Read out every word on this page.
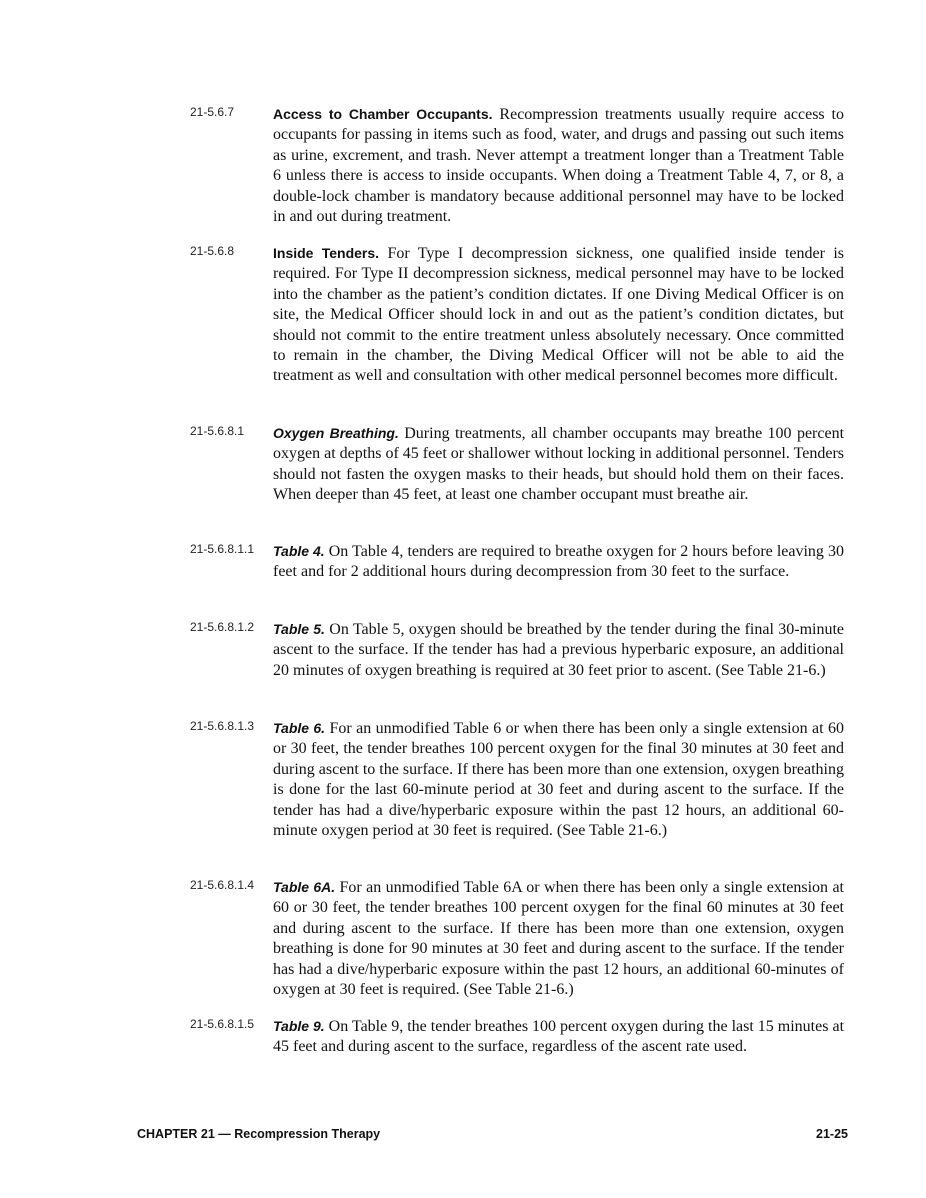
21-5.6.7	Access to Chamber Occupants. Recompression treatments usually require access to occupants for passing in items such as food, water, and drugs and passing out such items as urine, excrement, and trash. Never attempt a treatment longer than a Treatment Table 6 unless there is access to inside occupants. When doing a Treatment Table 4, 7, or 8, a double-lock chamber is mandatory because additional personnel may have to be locked in and out during treatment.
21-5.6.8	Inside Tenders. For Type I decompression sickness, one qualified inside tender is required. For Type II decompression sickness, medical personnel may have to be locked into the chamber as the patient’s condition dictates. If one Diving Medical Officer is on site, the Medical Officer should lock in and out as the patient’s condition dictates, but should not commit to the entire treatment unless absolutely necessary. Once committed to remain in the chamber, the Diving Medical Officer will not be able to aid the treatment as well and consultation with other medical personnel becomes more difficult.
21-5.6.8.1 Oxygen Breathing. During treatments, all chamber occupants may breathe 100 percent oxygen at depths of 45 feet or shallower without locking in additional personnel. Tenders should not fasten the oxygen masks to their heads, but should hold them on their faces. When deeper than 45 feet, at least one chamber occupant must breathe air.
21-5.6.8.1.1 Table 4. On Table 4, tenders are required to breathe oxygen for 2 hours before leaving 30 feet and for 2 additional hours during decompression from 30 feet to the surface.
21-5.6.8.1.2 Table 5. On Table 5, oxygen should be breathed by the tender during the final 30-minute ascent to the surface. If the tender has had a previous hyperbaric exposure, an additional 20 minutes of oxygen breathing is required at 30 feet prior to ascent. (See Table 21-6.)
21-5.6.8.1.3 Table 6. For an unmodified Table 6 or when there has been only a single extension at 60 or 30 feet, the tender breathes 100 percent oxygen for the final 30 minutes at 30 feet and during ascent to the surface. If there has been more than one extension, oxygen breathing is done for the last 60-minute period at 30 feet and during ascent to the surface. If the tender has had a dive/hyperbaric exposure within the past 12 hours, an additional 60-minute oxygen period at 30 feet is required. (See Table 21-6.)
21-5.6.8.1.4 Table 6A. For an unmodified Table 6A or when there has been only a single extension at 60 or 30 feet, the tender breathes 100 percent oxygen for the final 60 minutes at 30 feet and during ascent to the surface. If there has been more than one extension, oxygen breathing is done for 90 minutes at 30 feet and during ascent to the surface. If the tender has had a dive/hyperbaric exposure within the past 12 hours, an additional 60-minutes of oxygen at 30 feet is required. (See Table 21-6.)
21-5.6.8.1.5 Table 9. On Table 9, the tender breathes 100 percent oxygen during the last 15 minutes at 45 feet and during ascent to the surface, regardless of the ascent rate used.
CHAPTER 21 — Recompression Therapy	21-25
